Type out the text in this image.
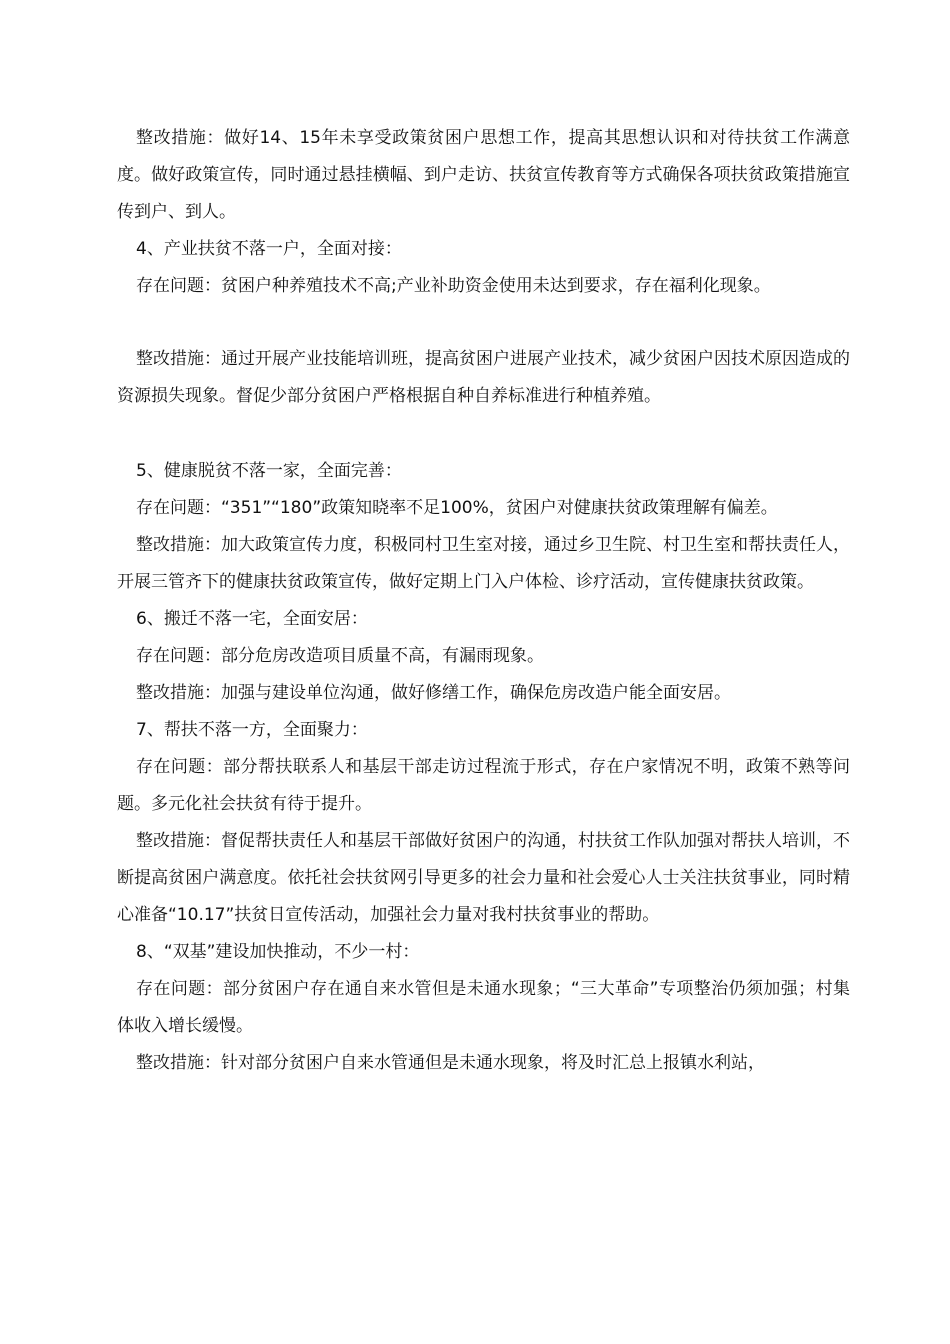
整改措施：做好14、15年未享受政策贫困户思想工作，提高其思想认识和对待扶贫工作满意度。做好政策宣传，同时通过悬挂横幅、到户走访、扶贫宣传教育等方式确保各项扶贫政策措施宣传到户、到人。

4、产业扶贫不落一户，全面对接：

存在问题：贫困户种养殖技术不高;产业补助资金使用未达到要求，存在福利化现象。

整改措施：通过开展产业技能培训班，提高贫困户进展产业技术，减少贫困户因技术原因造成的资源损失现象。督促少部分贫困户严格根据自种自养标准进行种植养殖。

5、健康脱贫不落一家，全面完善：

存在问题：“351”“180”政策知晓率不足100%，贫困户对健康扶贫政策理解有偏差。

整改措施：加大政策宣传力度，积极同村卫生室对接，通过乡卫生院、村卫生室和帮扶责任人，开展三管齐下的健康扶贫政策宣传，做好定期上门入户体检、诊疗活动，宣传健康扶贫政策。

6、搬迁不落一宅，全面安居：

存在问题：部分危房改造项目质量不高，有漏雨现象。

整改措施：加强与建设单位沟通，做好修缮工作，确保危房改造户能全面安居。

7、帮扶不落一方，全面聚力：

存在问题：部分帮扶联系人和基层干部走访过程流于形式，存在户家情况不明，政策不熟等问题。多元化社会扶贫有待于提升。

整改措施：督促帮扶责任人和基层干部做好贫困户的沟通，村扶贫工作队加强对帮扶人培训，不断提高贫困户满意度。依托社会扶贫网引导更多的社会力量和社会爱心人士关注扶贫事业，同时精心准备“10.17”扶贫日宣传活动，加强社会力量对我村扶贫事业的帮助。

8、“双基”建设加快推动，不少一村：

存在问题：部分贫困户存在通自来水管但是未通水现象；“三大革命”专项整治仍须加强；村集体收入增长缓慢。

整改措施：针对部分贫困户自来水管通但是未通水现象，将及时汇总上报镇水利站，
